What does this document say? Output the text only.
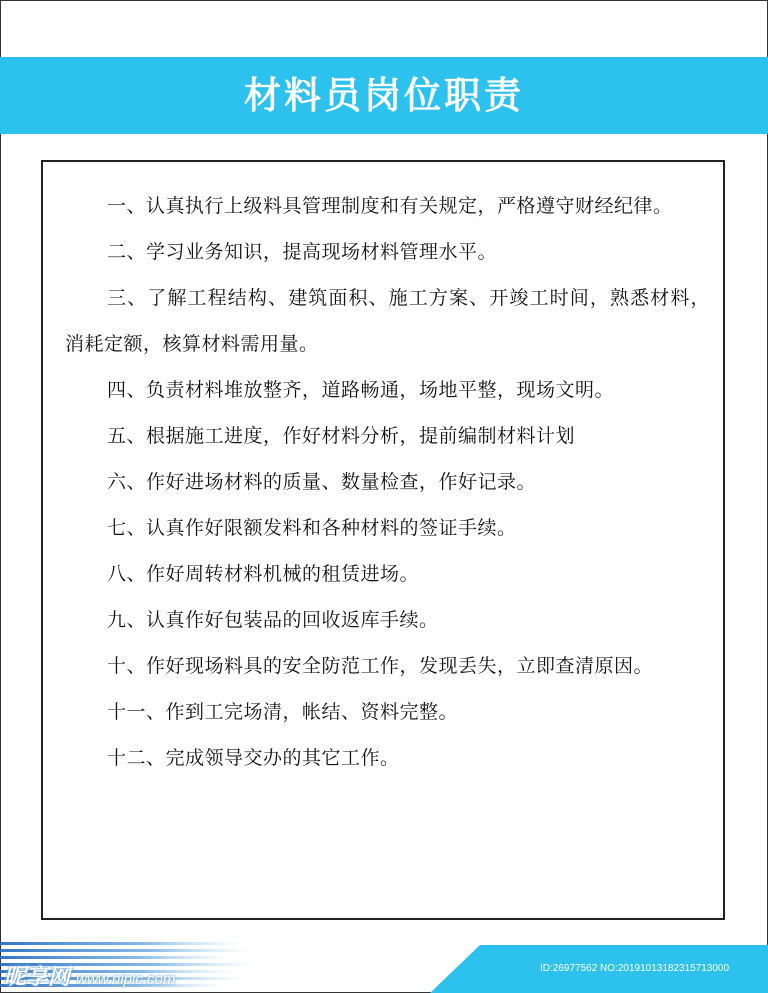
材料员岗位职责
一、认真执行上级料具管理制度和有关规定，严格遵守财经纪律。
二、学习业务知识，提高现场材料管理水平。
三、了解工程结构、建筑面积、施工方案、开竣工时间，熟悉材料，消耗定额，核算材料需用量。
四、负责材料堆放整齐，道路畅通，场地平整，现场文明。
五、根据施工进度，作好材料分析，提前编制材料计划
六、作好进场材料的质量、数量检查，作好记录。
七、认真作好限额发料和各种材料的签证手续。
八、作好周转材料机械的租赁进场。
九、认真作好包装品的回收返库手续。
十、作好现场料具的安全防范工作，发现丢失，立即查清原因。
十一、作到工完场清，帐结、资料完整。
十二、完成领导交办的其它工作。
昵享网 www.nipic.com
ID:26977562 NO:20191013182315713000
